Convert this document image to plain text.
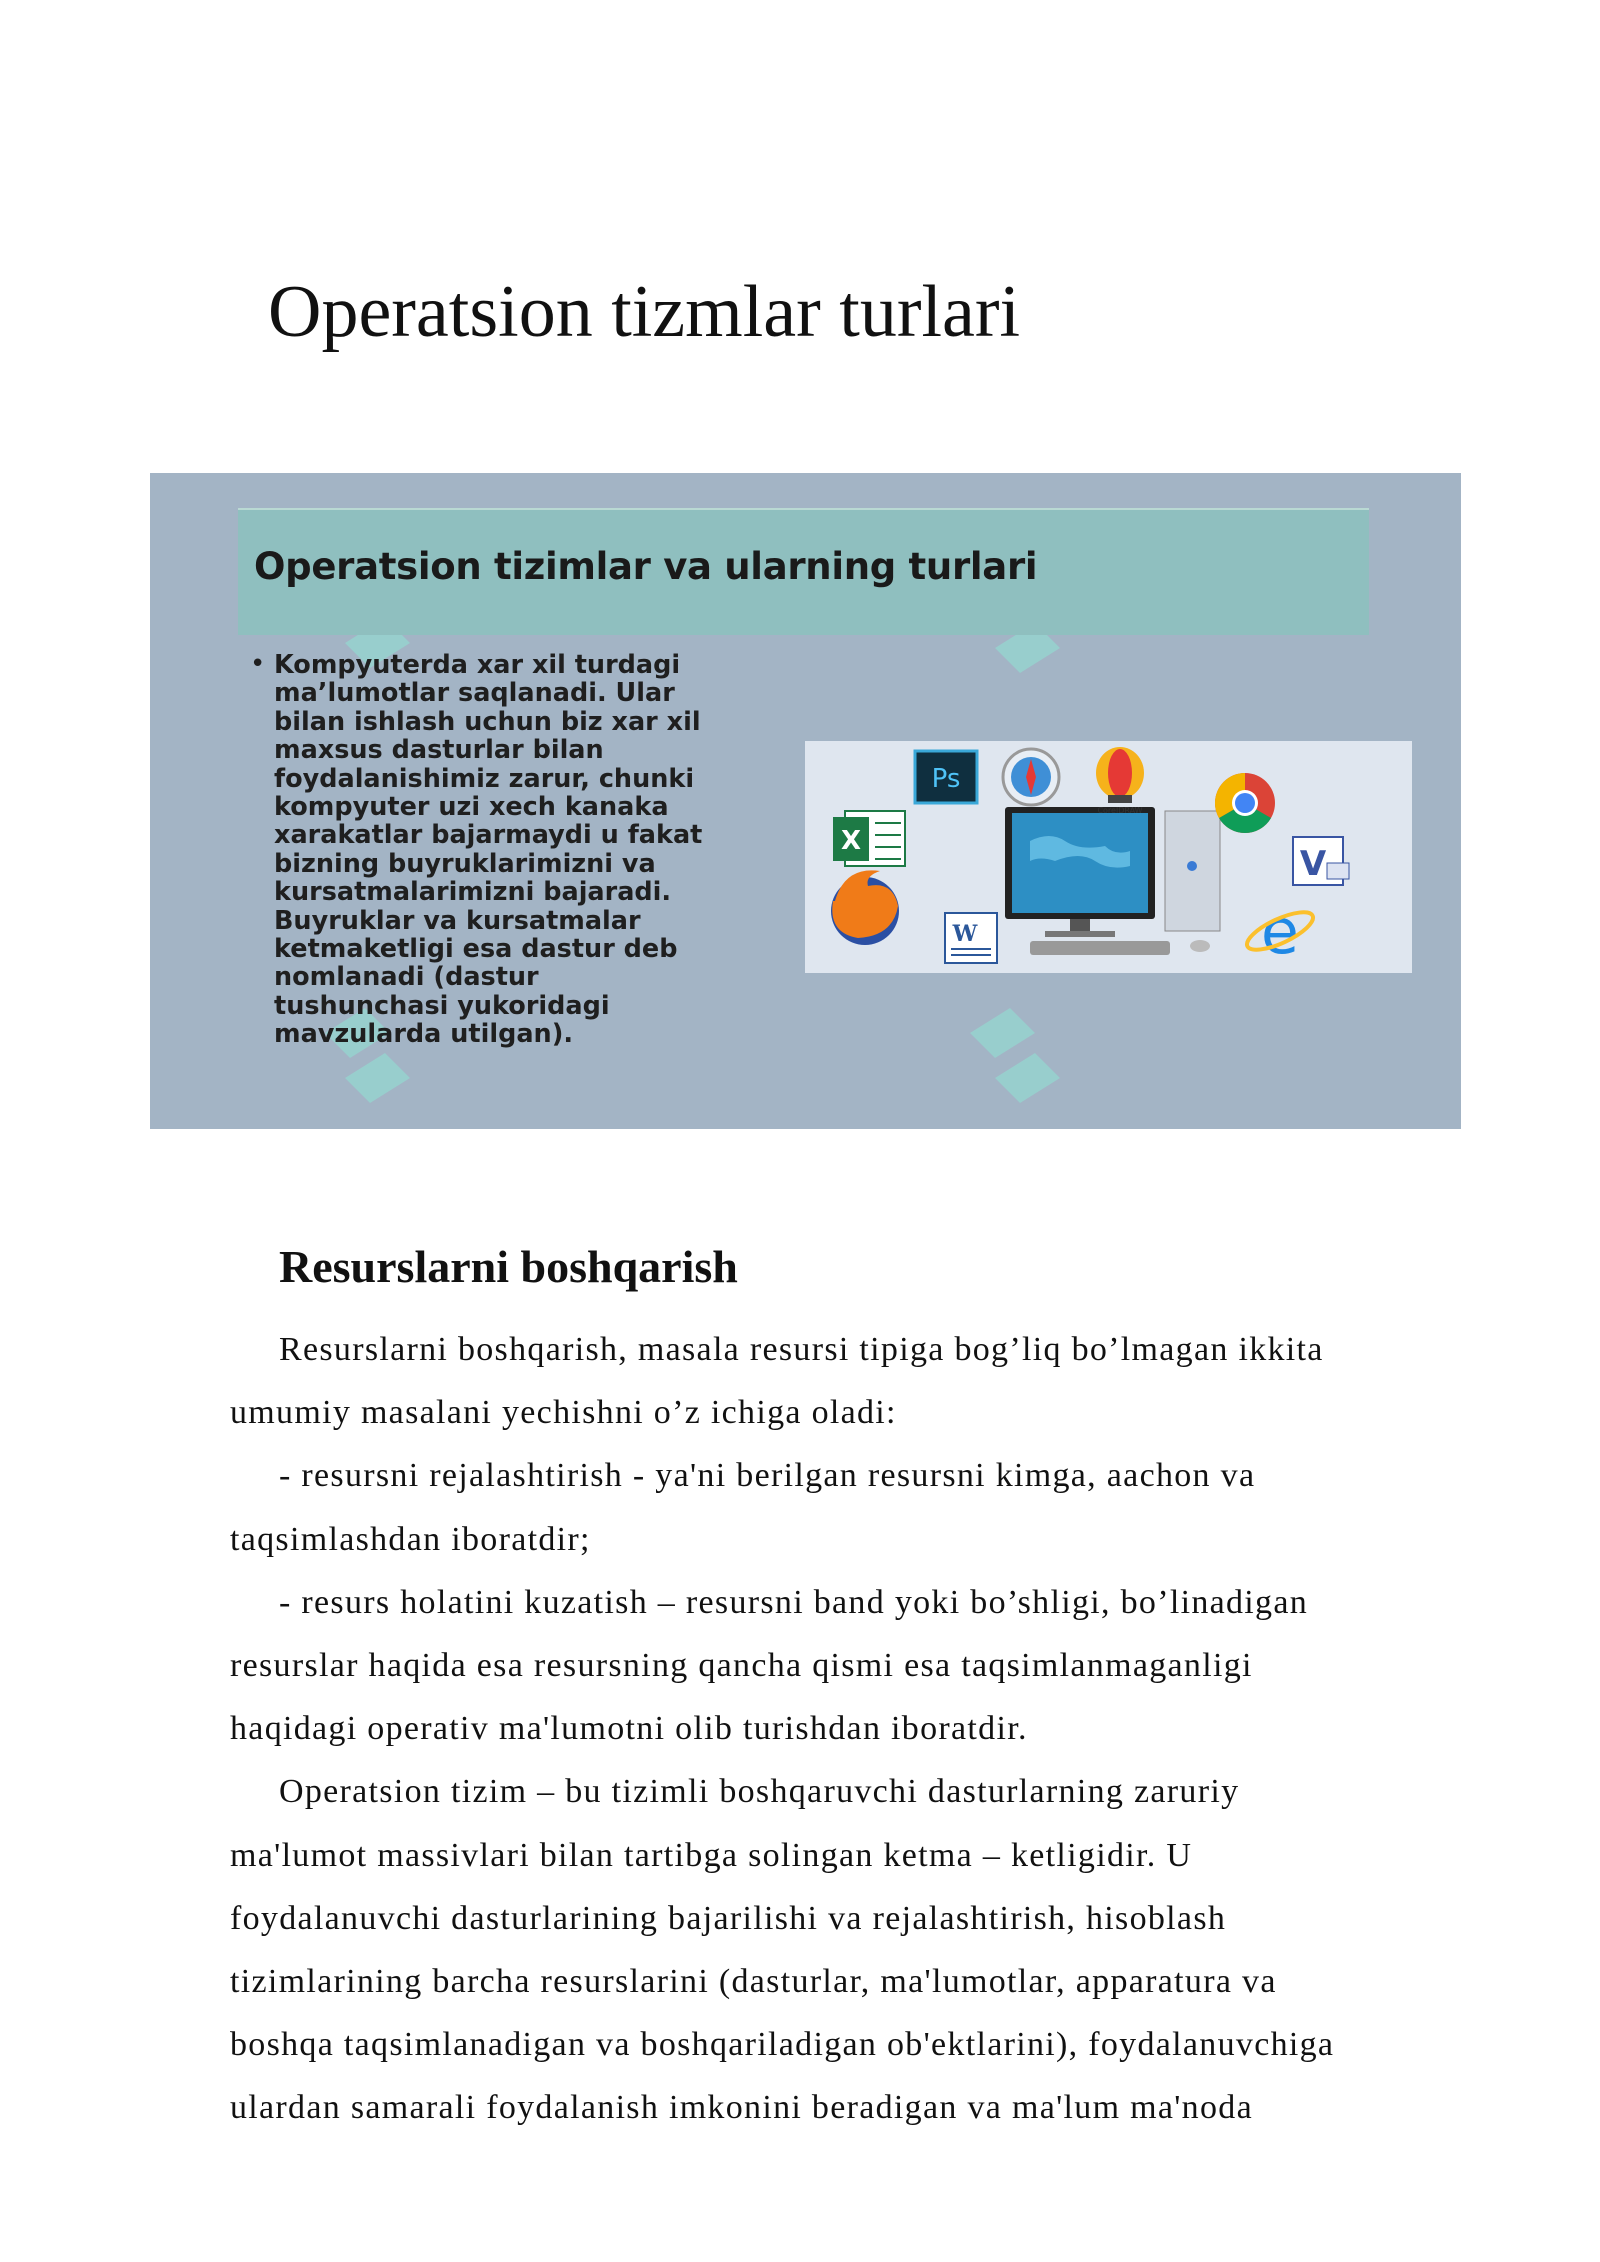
Operatsion tizmlar turlari
Operatsion tizimlar va ularning turlari
• Kompyuterda xar xil turdagi
ma’lumotlar saqlanadi. Ular
bilan ishlash uchun biz xar xil
maxsus dasturlar bilan
foydalanishimiz zarur, chunki
kompyuter uzi xech kanaka
xarakatlar bajarmaydi u fakat
bizning buyruklarimizni va
kursatmalarimizni bajaradi.
Buyruklar va kursatmalar
ketmaketligi esa dastur deb
nomlanadi (dastur
tushunchasi yukoridagi
mavzularda utilgan).
Ps
CorelDRAW
X
V
W	e
Resurslarni boshqarish

Resurslarni boshqarish, masala resursi tipiga bog’liq bo’lmagan ikkita
umumiy masalani yechishni o’z ichiga oladi:

- resursni rejalashtirish - ya'ni berilgan resursni kimga, aachon va
taqsimlashdan iboratdir;

- resurs holatini kuzatish – resursni band yoki bo’shligi, bo’linadigan
resurslar haqida esa resursning qancha qismi esa taqsimlanmaganligi
haqidagi operativ ma'lumotni olib turishdan iboratdir.

Operatsion tizim – bu tizimli boshqaruvchi dasturlarning zaruriy
ma'lumot massivlari bilan tartibga solingan ketma – ketligidir. U
foydalanuvchi dasturlarining bajarilishi va rejalashtirish, hisoblash
tizimlarining barcha resurslarini (dasturlar, ma'lumotlar, apparatura va
boshqa taqsimlanadigan va boshqariladigan ob'ektlarini), foydalanuvchiga
ulardan samarali foydalanish imkonini beradigan va ma'lum ma'noda
